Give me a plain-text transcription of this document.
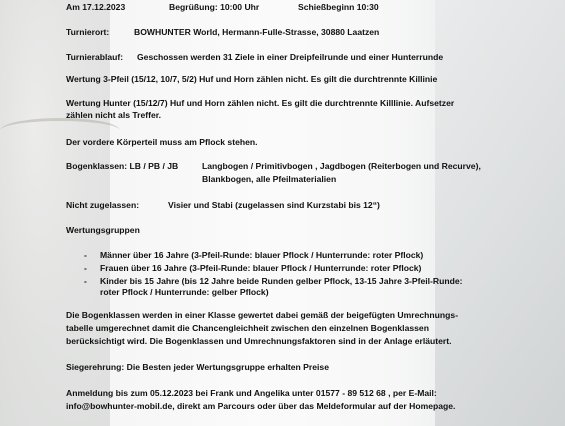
Am 17.12.2023	Begrüßung: 10:00 Uhr	Schießbeginn 10:30
Turnierort:	BOWHUNTER World, Hermann-Fulle-Strasse, 30880 Laatzen
Turnierablauf: Geschossen werden 31 Ziele in einer Dreipfeilrunde und einer Hunterrunde
Wertung 3-Pfeil (15/12, 10/7, 5/2) Huf und Horn zählen nicht. Es gilt die durchtrennte Killinie
Wertung Hunter (15/12/7) Huf und Horn zählen nicht. Es gilt die durchtrennte Killlinie. Aufsetzer
zählen nicht als Treffer.
Der vordere Körperteil muss am Pflock stehen.
Bogenklassen: LB / PB / JB	Langbogen / Primitivbogen , Jagdbogen (Reiterbogen und Recurve),
Blankbogen, alle Pfeilmaterialien
Nicht zugelassen:	Visier und Stabi (zugelassen sind Kurzstabi bis 12“)
Wertungsgruppen
- Männer über 16 Jahre (3-Pfeil-Runde: blauer Pflock / Hunterrunde: roter Pflock)
- Frauen über 16 Jahre (3-Pfeil-Runde: blauer Pflock / Hunterrunde: roter Pflock)
- Kinder bis 15 Jahre (bis 12 Jahre beide Runden gelber Pflock, 13-15 Jahre 3-Pfeil-Runde:
roter Pflock / Hunterrunde: gelber Pflock)
Die Bogenklassen werden in einer Klasse gewertet dabei gemäß der beigefügten Umrechnungs-
tabelle umgerechnet damit die Chancengleichheit zwischen den einzelnen Bogenklassen
berücksichtigt wird. Die Bogenklassen und Umrechnungsfaktoren sind in der Anlage erläutert.
Siegerehrung: Die Besten jeder Wertungsgruppe erhalten Preise
Anmeldung bis zum 05.12.2023 bei Frank und Angelika unter 01577 - 89 512 68 , per E-Mail:
info@bowhunter-mobil.de, direkt am Parcours oder über das Meldeformular auf der Homepage.
